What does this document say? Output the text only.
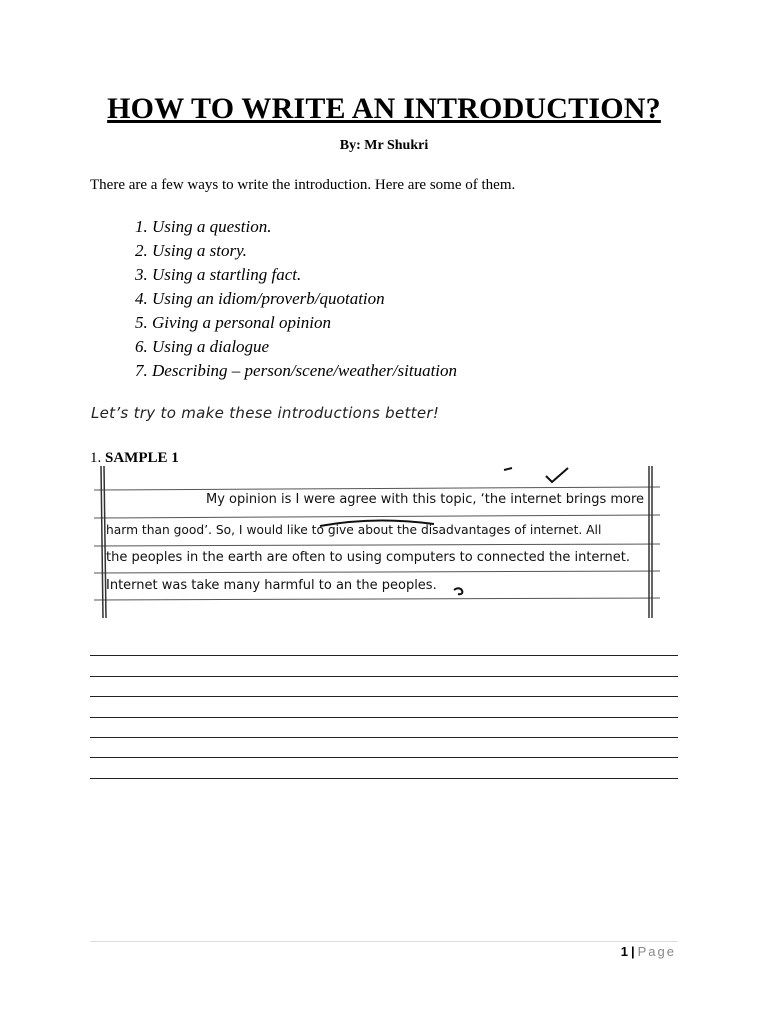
HOW TO WRITE AN INTRODUCTION?
By: Mr Shukri
There are a few ways to write the introduction. Here are some of them.
1. Using a question.
2. Using a story.
3. Using a startling fact.
4. Using an idiom/proverb/quotation
5. Giving a personal opinion
6. Using a dialogue
7. Describing – person/scene/weather/situation
Let’s try to make these introductions better!
1. SAMPLE 1
My opinion is I were agree with this topic, ‘the internet brings more
harm than good’. So, I would like to give about the disadvantages of internet. All
the peoples in the earth are often to using computers to connected the internet.
Internet was take many harmful to an the peoples.
1 | Page
